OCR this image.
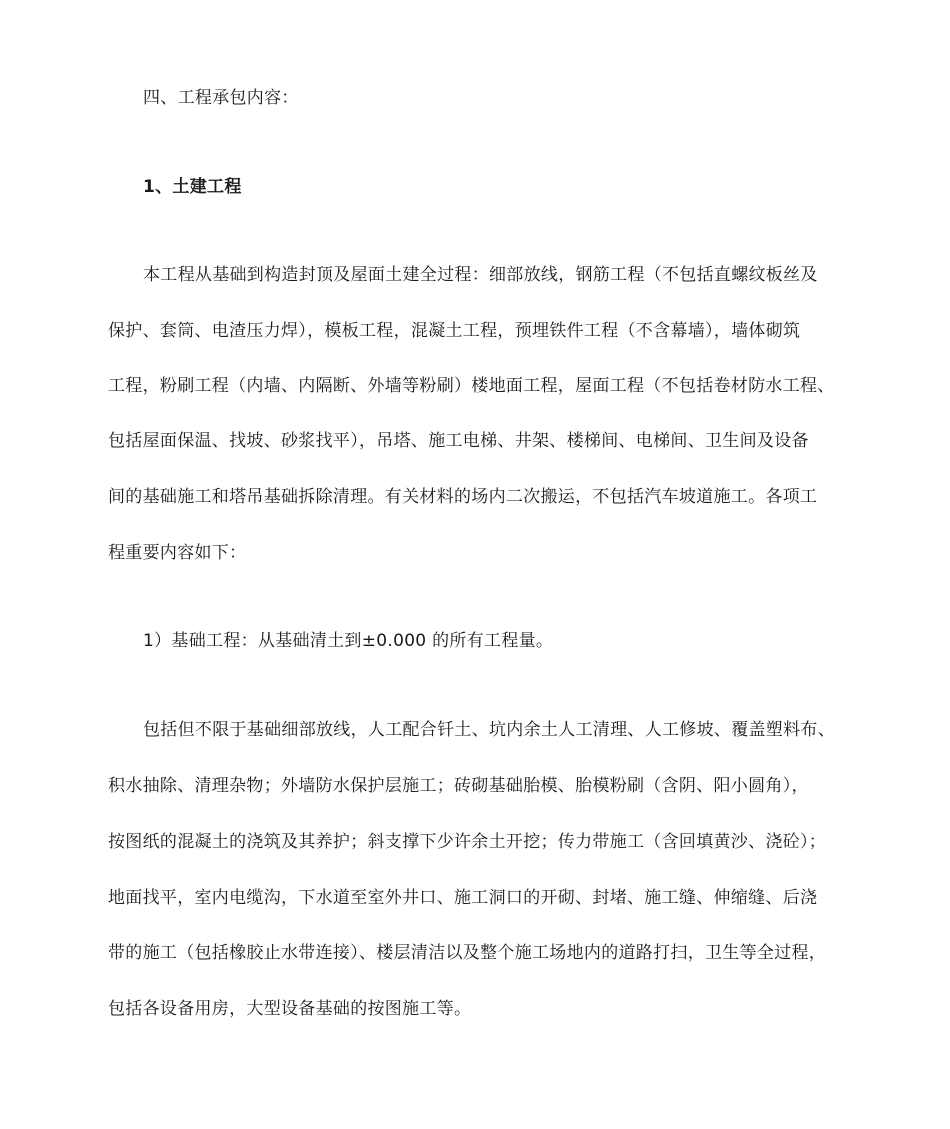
四、工程承包内容：
1、土建工程
本工程从基础到构造封顶及屋面土建全过程：细部放线，钢筋工程（不包括直螺纹板丝及
保护、套筒、电渣压力焊），模板工程，混凝土工程，预埋铁件工程（不含幕墙），墙体砌筑
工程，粉刷工程（内墙、内隔断、外墙等粉刷）楼地面工程，屋面工程（不包括卷材防水工程、
包括屋面保温、找坡、砂浆找平），吊塔、施工电梯、井架、楼梯间、电梯间、卫生间及设备
间的基础施工和塔吊基础拆除清理。有关材料的场内二次搬运，不包括汽车坡道施工。各项工
程重要内容如下：
1）基础工程：从基础清土到±0.000 的所有工程量。
包括但不限于基础细部放线，人工配合钎土、坑内余土人工清理、人工修坡、覆盖塑料布、
积水抽除、清理杂物；外墙防水保护层施工；砖砌基础胎模、胎模粉刷（含阴、阳小圆角），
按图纸的混凝土的浇筑及其养护；斜支撑下少许余土开挖；传力带施工（含回填黄沙、浇砼）；
地面找平，室内电缆沟，下水道至室外井口、施工洞口的开砌、封堵、施工缝、伸缩缝、后浇
带的施工（包括橡胶止水带连接）、楼层清洁以及整个施工场地内的道路打扫，卫生等全过程，
包括各设备用房，大型设备基础的按图施工等。
